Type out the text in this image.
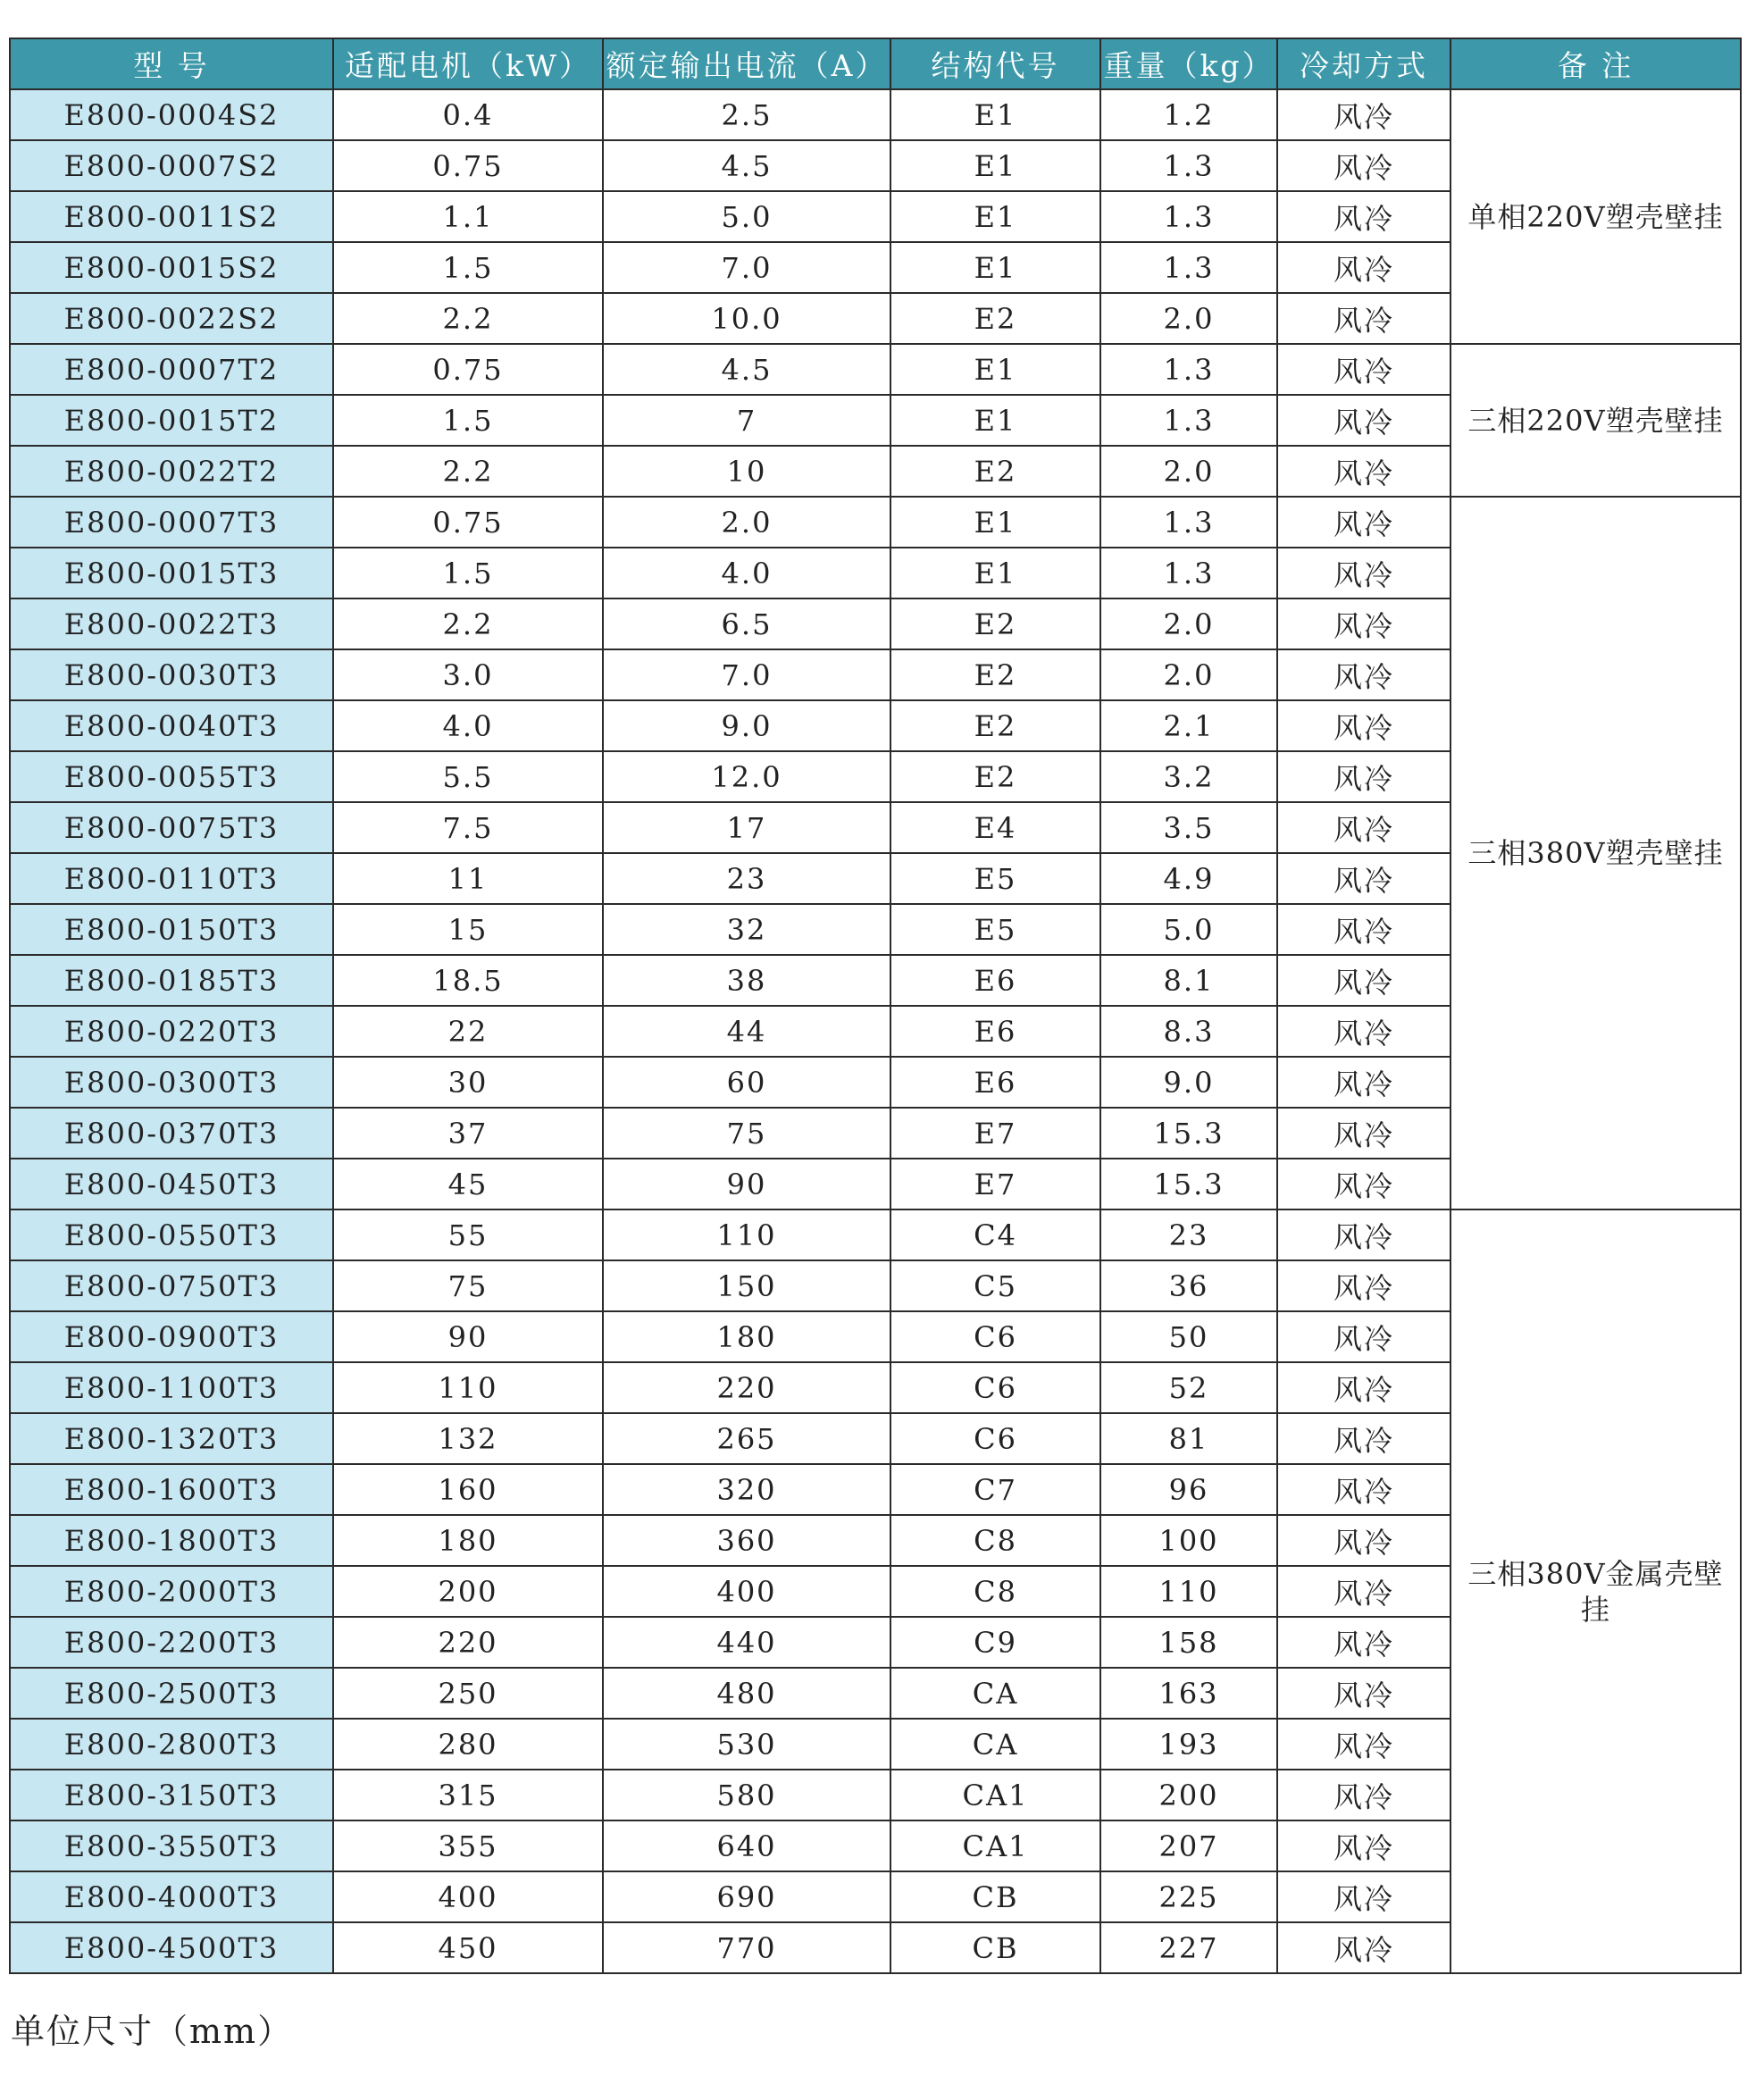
型 号	适配电机（kW）	额定输出电流（A）	结构代号	重量（kg）	冷却方式	备 注
E800-0004S2	0.4	2.5	E1	1.2	风冷	单相220V塑壳壁挂
E800-0007S2	0.75	4.5	E1	1.3	风冷	
E800-0011S2	1.1	5.0	E1	1.3	风冷	
E800-0015S2	1.5	7.0	E1	1.3	风冷	
E800-0022S2	2.2	10.0	E2	2.0	风冷	
E800-0007T2	0.75	4.5	E1	1.3	风冷	三相220V塑壳壁挂
E800-0015T2	1.5	7	E1	1.3	风冷	
E800-0022T2	2.2	10	E2	2.0	风冷	
E800-0007T3	0.75	2.0	E1	1.3	风冷	三相380V塑壳壁挂
E800-0015T3	1.5	4.0	E1	1.3	风冷	
E800-0022T3	2.2	6.5	E2	2.0	风冷	
E800-0030T3	3.0	7.0	E2	2.0	风冷	
E800-0040T3	4.0	9.0	E2	2.1	风冷	
E800-0055T3	5.5	12.0	E2	3.2	风冷	
E800-0075T3	7.5	17	E4	3.5	风冷	
E800-0110T3	11	23	E5	4.9	风冷	
E800-0150T3	15	32	E5	5.0	风冷	
E800-0185T3	18.5	38	E6	8.1	风冷	
E800-0220T3	22	44	E6	8.3	风冷	
E800-0300T3	30	60	E6	9.0	风冷	
E800-0370T3	37	75	E7	15.3	风冷	
E800-0450T3	45	90	E7	15.3	风冷	
E800-0550T3	55	110	C4	23	风冷	三相380V金属壳壁挂
E800-0750T3	75	150	C5	36	风冷	
E800-0900T3	90	180	C6	50	风冷	
E800-1100T3	110	220	C6	52	风冷	
E800-1320T3	132	265	C6	81	风冷	
E800-1600T3	160	320	C7	96	风冷	
E800-1800T3	180	360	C8	100	风冷	
E800-2000T3	200	400	C8	110	风冷	
E800-2200T3	220	440	C9	158	风冷	
E800-2500T3	250	480	CA	163	风冷	
E800-2800T3	280	530	CA	193	风冷	
E800-3150T3	315	580	CA1	200	风冷	
E800-3550T3	355	640	CA1	207	风冷	
E800-4000T3	400	690	CB	225	风冷	
E800-4500T3	450	770	CB	227	风冷	
单位尺寸（mm）
